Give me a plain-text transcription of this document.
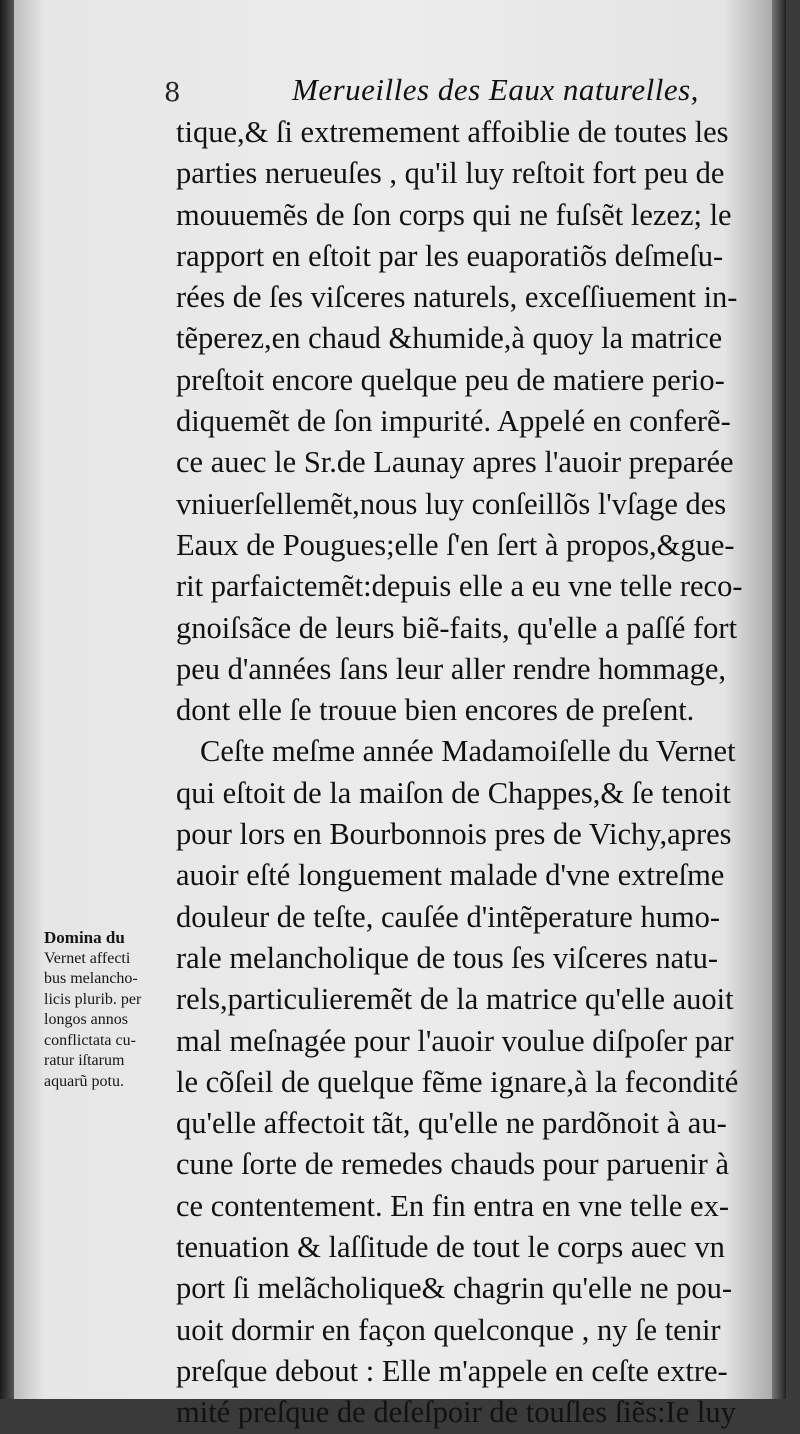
8	Merueilles des Eaux naturelles,
tique,& ſi extremement affoiblie de toutes les
parties nerueuſes , qu'il luy reſtoit fort peu de
mouuemẽs de ſon corps qui ne fuſsẽt lezez; le
rapport en eſtoit par les euaporatiõs deſmeſu-
rées de ſes viſceres naturels, exceſſiuement in-
tẽperez,en chaud &humide,à quoy la matrice
preſtoit encore quelque peu de matiere perio-
diquemẽt de ſon impurité. Appelé en conferẽ-
ce auec le Sr.de Launay apres l'auoir preparée
vniuerſellemẽt,nous luy conſeillõs l'vſage des
Eaux de Pougues;elle ſ'en ſert à propos,&gue-
rit parfaictemẽt:depuis elle a eu vne telle reco-
gnoiſsãce de leurs biẽ-faits, qu'elle a paſſé fort
peu d'années ſans leur aller rendre hommage,
dont elle ſe trouue bien encores de preſent.
Ceſte meſme année Madamoiſelle du Vernet
qui eſtoit de la maiſon de Chappes,& ſe tenoit
pour lors en Bourbonnois pres de Vichy,apres
auoir eſté longuement malade d'vne extreſme
douleur de teſte, cauſée d'intẽperature humo-
rale melancholique de tous ſes viſceres natu-
rels,particulieremẽt de la matrice qu'elle auoit
mal meſnagée pour l'auoir voulue diſpoſer par
le cõſeil de quelque fẽme ignare,à la fecondité
qu'elle affectoit tãt, qu'elle ne pardõnoit à au-
cune ſorte de remedes chauds pour paruenir à
ce contentement. En fin entra en vne telle ex-
tenuation & laſſitude de tout le corps auec vn
port ſi melãcholique& chagrin qu'elle ne pou-
uoit dormir en façon quelconque , ny ſe tenir
preſque debout : Elle m'appele en ceſte extre-
mité preſque de deſeſpoir de touſles ſiẽs:Ie luy
Domina du
Vernet affecti
bus melancho-
licis plurib. per
longos annos
conflictata cu-
ratur iſtarum
aquarũ potu.
